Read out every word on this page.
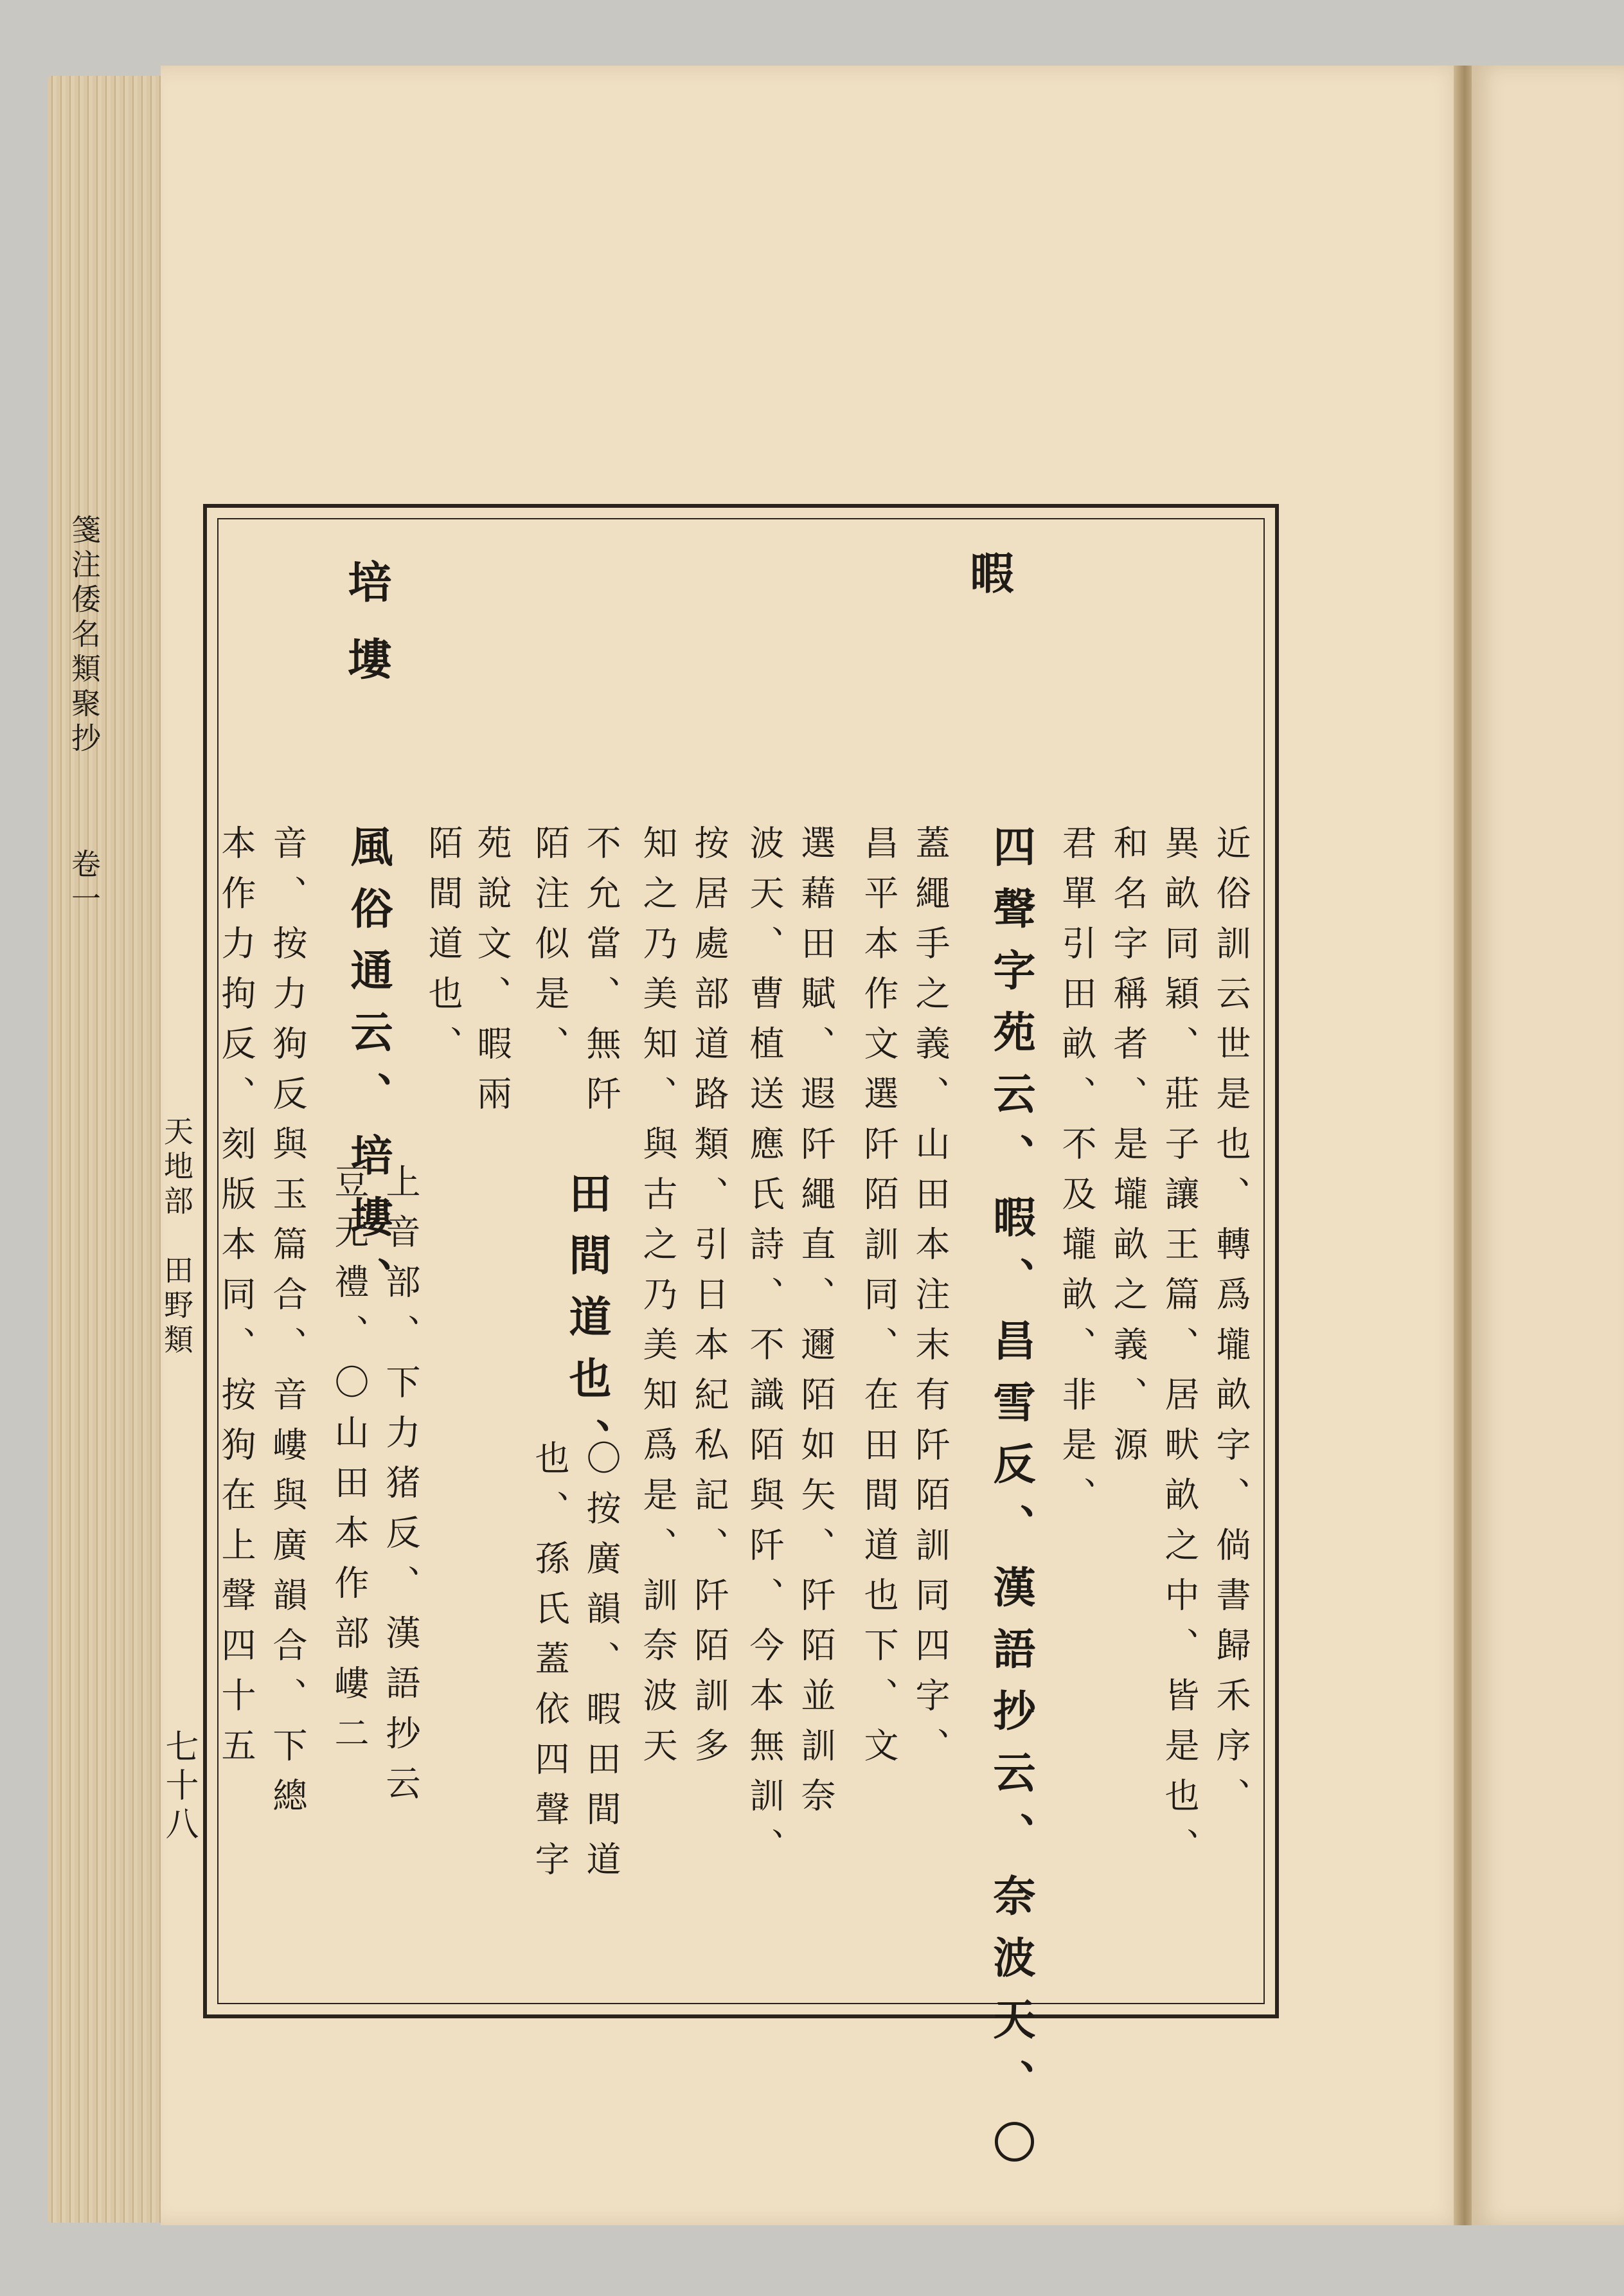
暇
培塿
近俗訓云世是也、轉爲壠畝字、倘書歸禾序、
異畝同穎、莊子讓王篇、居畎畝之中、皆是也、
和名字稱者、是壠畝之義、源
君單引田畝、不及壠畝、非是、
四聲字苑云、暇、昌雪反、漢語抄云、奈波天、〇
蓋繩手之義、山田本注末有阡陌訓同四字、
昌平本作文選阡陌訓同、在田間道也下、文
選藉田賦、遐阡繩直、邇陌如矢、阡陌並訓奈
波天、曹植送應氏詩、不識陌與阡、今本無訓、
按居處部道路類、引日本紀私記、阡陌訓多
知之乃美知、與古之乃美知爲是、訓奈波天
不允當、無阡
陌注似是、
苑說文、暇兩
陌間道也、
田間道也、
〇按廣韻、暇田間道
也、孫氏蓋依四聲字
風俗通云、培塿、
上音部、下力猪反、漢語抄云
豆无禮、〇山田本作部嶁二
音、按力狗反與玉篇合、音嶁與廣韻合、下總
本作力拘反、刻版本同、按狗在上聲四十五
箋注倭名類聚抄
卷一
天地部　田野類
七十八
